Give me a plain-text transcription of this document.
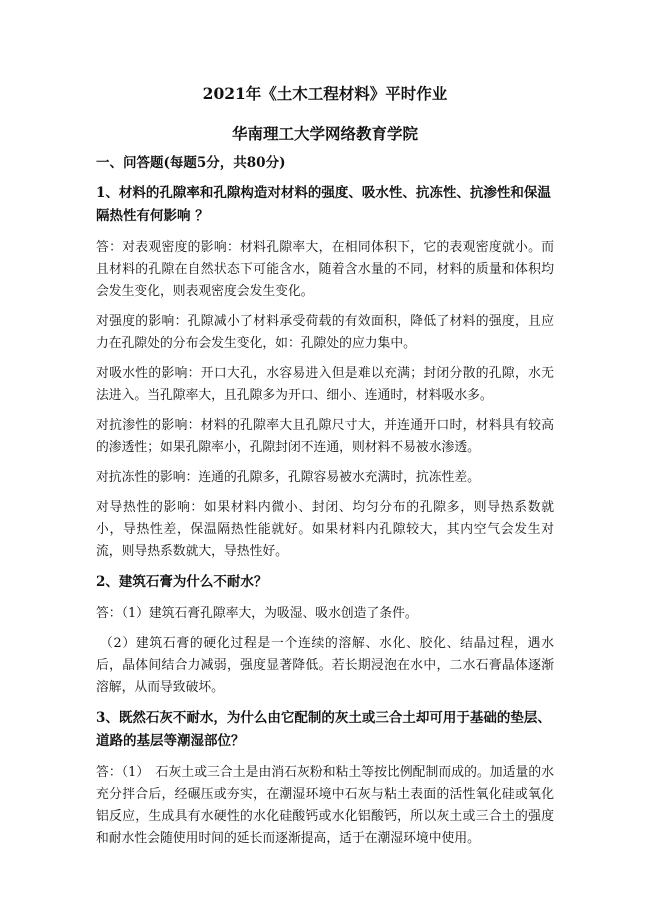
2021年《土木工程材料》平时作业
华南理工大学网络教育学院
一、问答题(每题5分，共80分)
1、材料的孔隙率和孔隙构造对材料的强度、吸水性、抗冻性、抗渗性和保温隔热性有何影响 ？
答：对表观密度的影响：材料孔隙率大，在相同体积下，它的表观密度就小。而且材料的孔隙在自然状态下可能含水，随着含水量的不同，材料的质量和体积均会发生变化，则表观密度会发生变化。
对强度的影响：孔隙减小了材料承受荷载的有效面积，降低了材料的强度，且应力在孔隙处的分布会发生变化，如：孔隙处的应力集中。
对吸水性的影响：开口大孔，水容易进入但是难以充满；封闭分散的孔隙，水无法进入。当孔隙率大，且孔隙多为开口、细小、连通时，材料吸水多。
对抗渗性的影响：材料的孔隙率大且孔隙尺寸大，并连通开口时，材料具有较高的渗透性；如果孔隙率小，孔隙封闭不连通，则材料不易被水渗透。
对抗冻性的影响：连通的孔隙多，孔隙容易被水充满时，抗冻性差。
对导热性的影响：如果材料内微小、封闭、均匀分布的孔隙多，则导热系数就小，导热性差，保温隔热性能就好。如果材料内孔隙较大，其内空气会发生对流，则导热系数就大，导热性好。
2、建筑石膏为什么不耐水？
答：（1）建筑石膏孔隙率大，为吸湿、吸水创造了条件。
（2）建筑石膏的硬化过程是一个连续的溶解、水化、胶化、结晶过程，遇水后，晶体间结合力减弱，强度显著降低。若长期浸泡在水中，二水石膏晶体逐渐溶解，从而导致破坏。
3、既然石灰不耐水，为什么由它配制的灰土或三合土却可用于基础的垫层、道路的基层等潮湿部位？
答：（1）　石灰土或三合土是由消石灰粉和粘土等按比例配制而成的。加适量的水充分拌合后，经碾压或夯实，在潮湿环境中石灰与粘土表面的活性氧化硅或氧化铝反应，生成具有水硬性的水化硅酸钙或水化铝酸钙，所以灰土或三合土的强度和耐水性会随使用时间的延长而逐渐提高，适于在潮湿环境中使用。
